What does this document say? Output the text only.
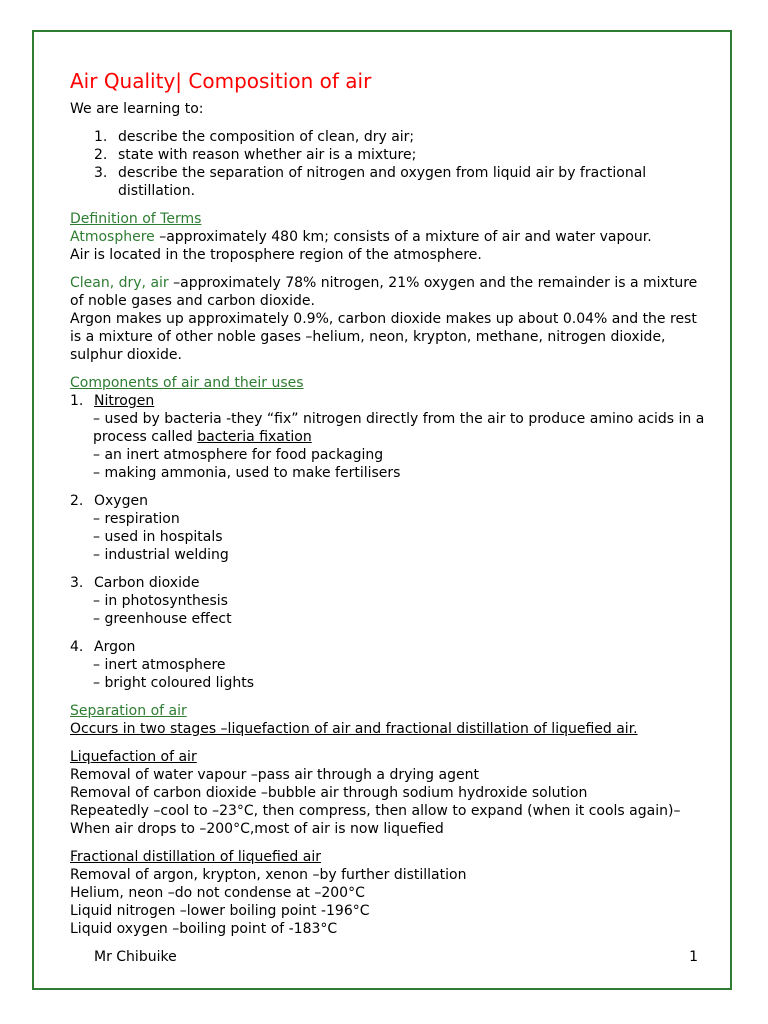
Air Quality| Composition of air

We are learning to:

1. describe the composition of clean, dry air;
2. state with reason whether air is a mixture;
3. describe the separation of nitrogen and oxygen from liquid air by fractional distillation.

Definition of Terms

Atmosphere –approximately 480 km; consists of a mixture of air and water vapour.

Air is located in the troposphere region of the atmosphere.

Clean, dry, air –approximately 78% nitrogen, 21% oxygen and the remainder is a mixture of noble gases and carbon dioxide.

Argon makes up approximately 0.9%, carbon dioxide makes up about 0.04% and the rest is a mixture of other noble gases –helium, neon, krypton, methane, nitrogen dioxide, sulphur dioxide.

Components of air and their uses

1. Nitrogen
– used by bacteria -they “fix” nitrogen directly from the air to produce amino acids in a process called bacteria fixation
– an inert atmosphere for food packaging
– making ammonia, used to make fertilisers
2. Oxygen
– respiration
– used in hospitals
– industrial welding
3. Carbon dioxide
– in photosynthesis
– greenhouse effect
4. Argon
– inert atmosphere
– bright coloured lights

Separation of air

Occurs in two stages –liquefaction of air and fractional distillation of liquefied air.

Liquefaction of air

Removal of water vapour –pass air through a drying agent

Removal of carbon dioxide –bubble air through sodium hydroxide solution

Repeatedly –cool to –23°C, then compress, then allow to expand (when it cools again)–

When air drops to –200°C,most of air is now liquefied

Fractional distillation of liquefied air

Removal of argon, krypton, xenon –by further distillation

Helium, neon –do not condense at –200°C

Liquid nitrogen –lower boiling point -196°C

Liquid oxygen –boiling point of -183°C

Mr Chibuike	1
